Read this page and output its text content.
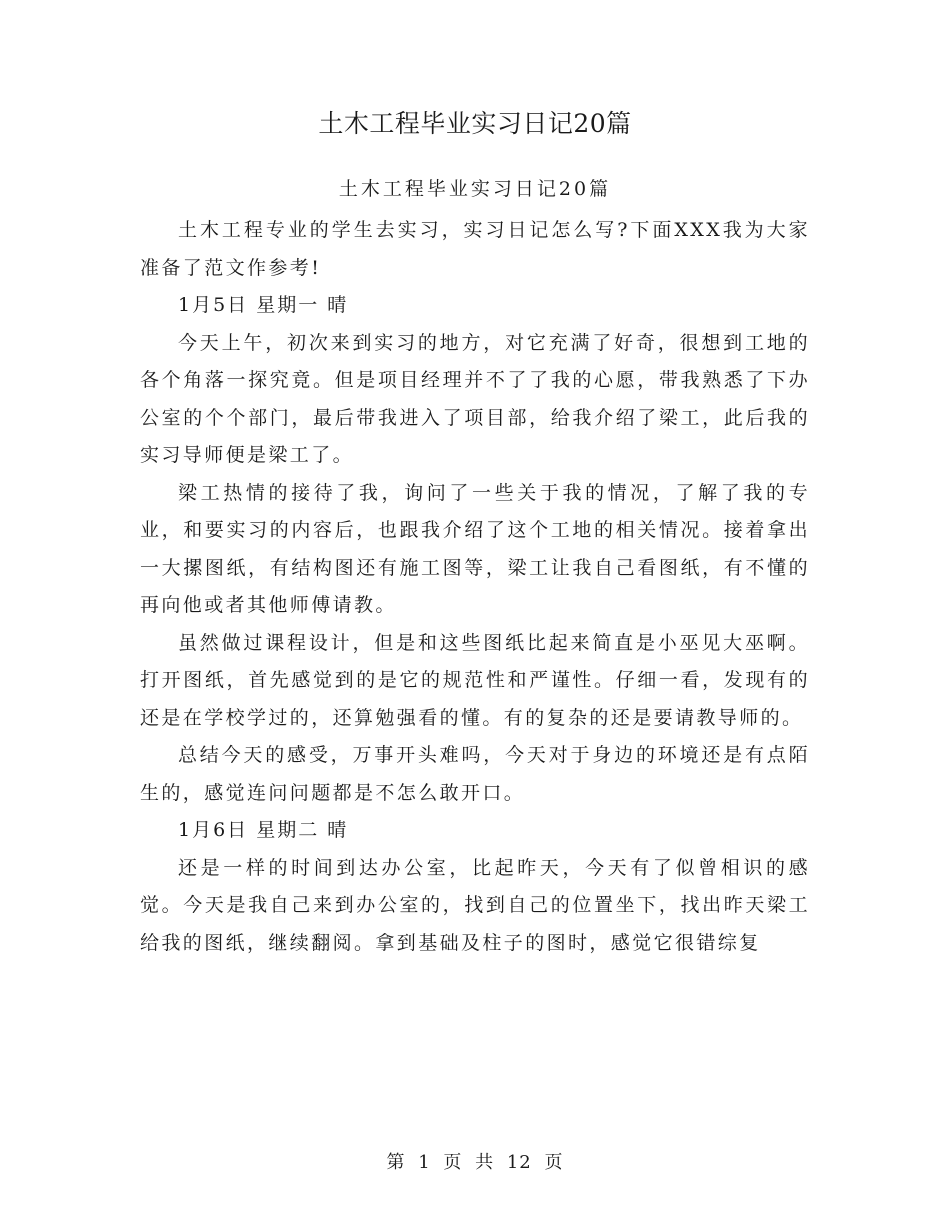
土木工程毕业实习日记20篇
土木工程毕业实习日记20篇

土木工程专业的学生去实习，实习日记怎么写?下面XXX我为大家准备了范文作参考!

1月5日 星期一 晴

今天上午，初次来到实习的地方，对它充满了好奇，很想到工地的各个角落一探究竟。但是项目经理并不了了我的心愿，带我熟悉了下办公室的个个部门，最后带我进入了项目部，给我介绍了梁工，此后我的实习导师便是梁工了。

梁工热情的接待了我，询问了一些关于我的情况，了解了我的专业，和要实习的内容后，也跟我介绍了这个工地的相关情况。接着拿出一大摞图纸，有结构图还有施工图等，梁工让我自己看图纸，有不懂的再向他或者其他师傅请教。

虽然做过课程设计，但是和这些图纸比起来简直是小巫见大巫啊。打开图纸，首先感觉到的是它的规范性和严谨性。仔细一看，发现有的还是在学校学过的，还算勉强看的懂。有的复杂的还是要请教导师的。

总结今天的感受，万事开头难吗，今天对于身边的环境还是有点陌生的，感觉连问问题都是不怎么敢开口。

1月6日 星期二 晴

还是一样的时间到达办公室，比起昨天，今天有了似曾相识的感觉。今天是我自己来到办公室的，找到自己的位置坐下，找出昨天梁工给我的图纸，继续翻阅。拿到基础及柱子的图时，感觉它很错综复

第 1 页 共 12 页
